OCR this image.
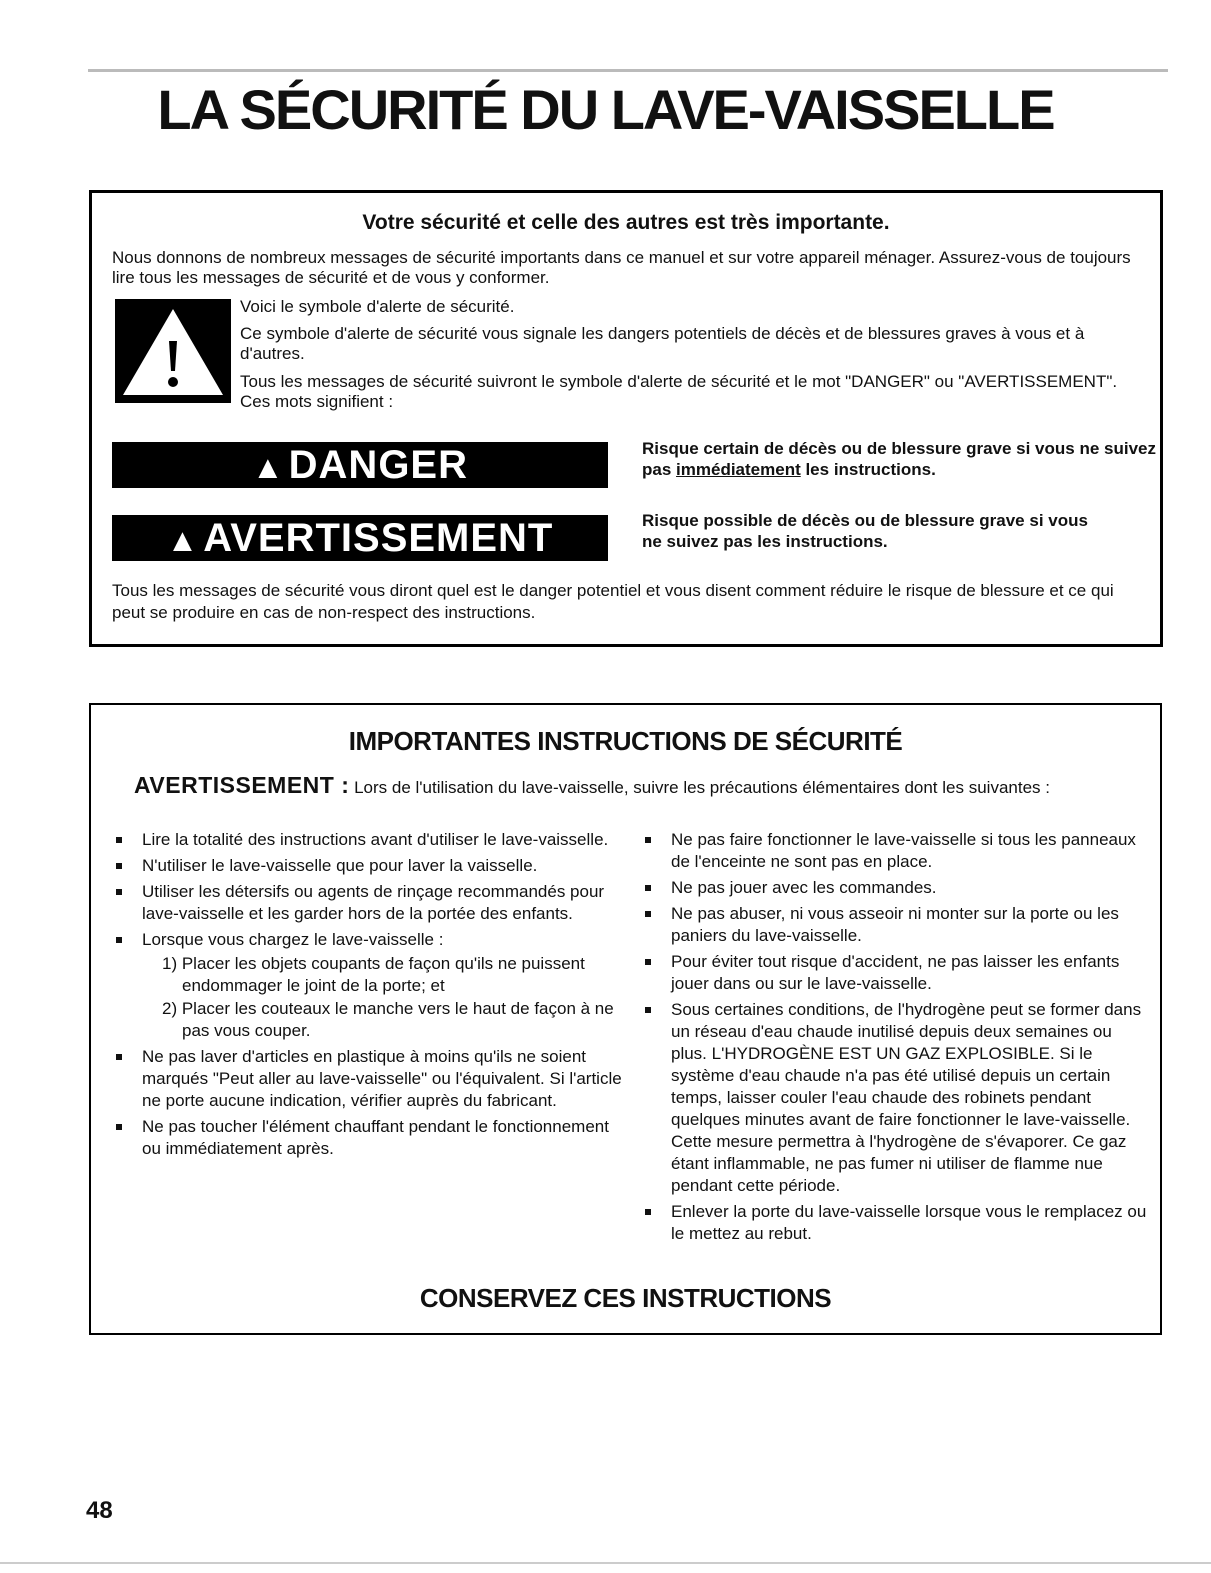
LA SÉCURITÉ DU LAVE-VAISSELLE
Votre sécurité et celle des autres est très importante.

Nous donnons de nombreux messages de sécurité importants dans ce manuel et sur votre appareil ménager. Assurez-vous de toujours lire tous les messages de sécurité et de vous y conformer.

Voici le symbole d'alerte de sécurité.

Ce symbole d'alerte de sécurité vous signale les dangers potentiels de décès et de blessures graves à vous et à d'autres.

Tous les messages de sécurité suivront le symbole d'alerte de sécurité et le mot "DANGER" ou "AVERTISSEMENT". Ces mots signifient :

▲ DANGER	Risque certain de décès ou de blessure grave si vous ne suivez pas immédiatement les instructions.
▲ AVERTISSEMENT	Risque possible de décès ou de blessure grave si vous ne suivez pas les instructions.

Tous les messages de sécurité vous diront quel est le danger potentiel et vous disent comment réduire le risque de blessure et ce qui peut se produire en cas de non-respect des instructions.

IMPORTANTES INSTRUCTIONS DE SÉCURITÉ
AVERTISSEMENT : Lors de l'utilisation du lave-vaisselle, suivre les précautions élémentaires dont les suivantes :
Lire la totalité des instructions avant d'utiliser le lave-vaisselle.
N'utiliser le lave-vaisselle que pour laver la vaisselle.
Utiliser les détersifs ou agents de rinçage recommandés pour lave-vaisselle et les garder hors de la portée des enfants.
Lorsque vous chargez le lave-vaisselle :
1) Placer les objets coupants de façon qu'ils ne puissent endommager le joint de la porte; et
2) Placer les couteaux le manche vers le haut de façon à ne pas vous couper.
Ne pas laver d'articles en plastique à moins qu'ils ne soient marqués "Peut aller au lave-vaisselle" ou l'équivalent. Si l'article ne porte aucune indication, vérifier auprès du fabricant.
Ne pas toucher l'élément chauffant pendant le fonctionnement ou immédiatement après.
Ne pas faire fonctionner le lave-vaisselle si tous les panneaux de l'enceinte ne sont pas en place.
Ne pas jouer avec les commandes.
Ne pas abuser, ni vous asseoir ni monter sur la porte ou les paniers du lave-vaisselle.
Pour éviter tout risque d'accident, ne pas laisser les enfants jouer dans ou sur le lave-vaisselle.
Sous certaines conditions, de l'hydrogène peut se former dans un réseau d'eau chaude inutilisé depuis deux semaines ou plus. L'HYDROGÈNE EST UN GAZ EXPLOSIBLE. Si le système d'eau chaude n'a pas été utilisé depuis un certain temps, laisser couler l'eau chaude des robinets pendant quelques minutes avant de faire fonctionner le lave-vaisselle. Cette mesure permettra à l'hydrogène de s'évaporer. Ce gaz étant inflammable, ne pas fumer ni utiliser de flamme nue pendant cette période.
Enlever la porte du lave-vaisselle lorsque vous le remplacez ou le mettez au rebut.
CONSERVEZ CES INSTRUCTIONS
48
